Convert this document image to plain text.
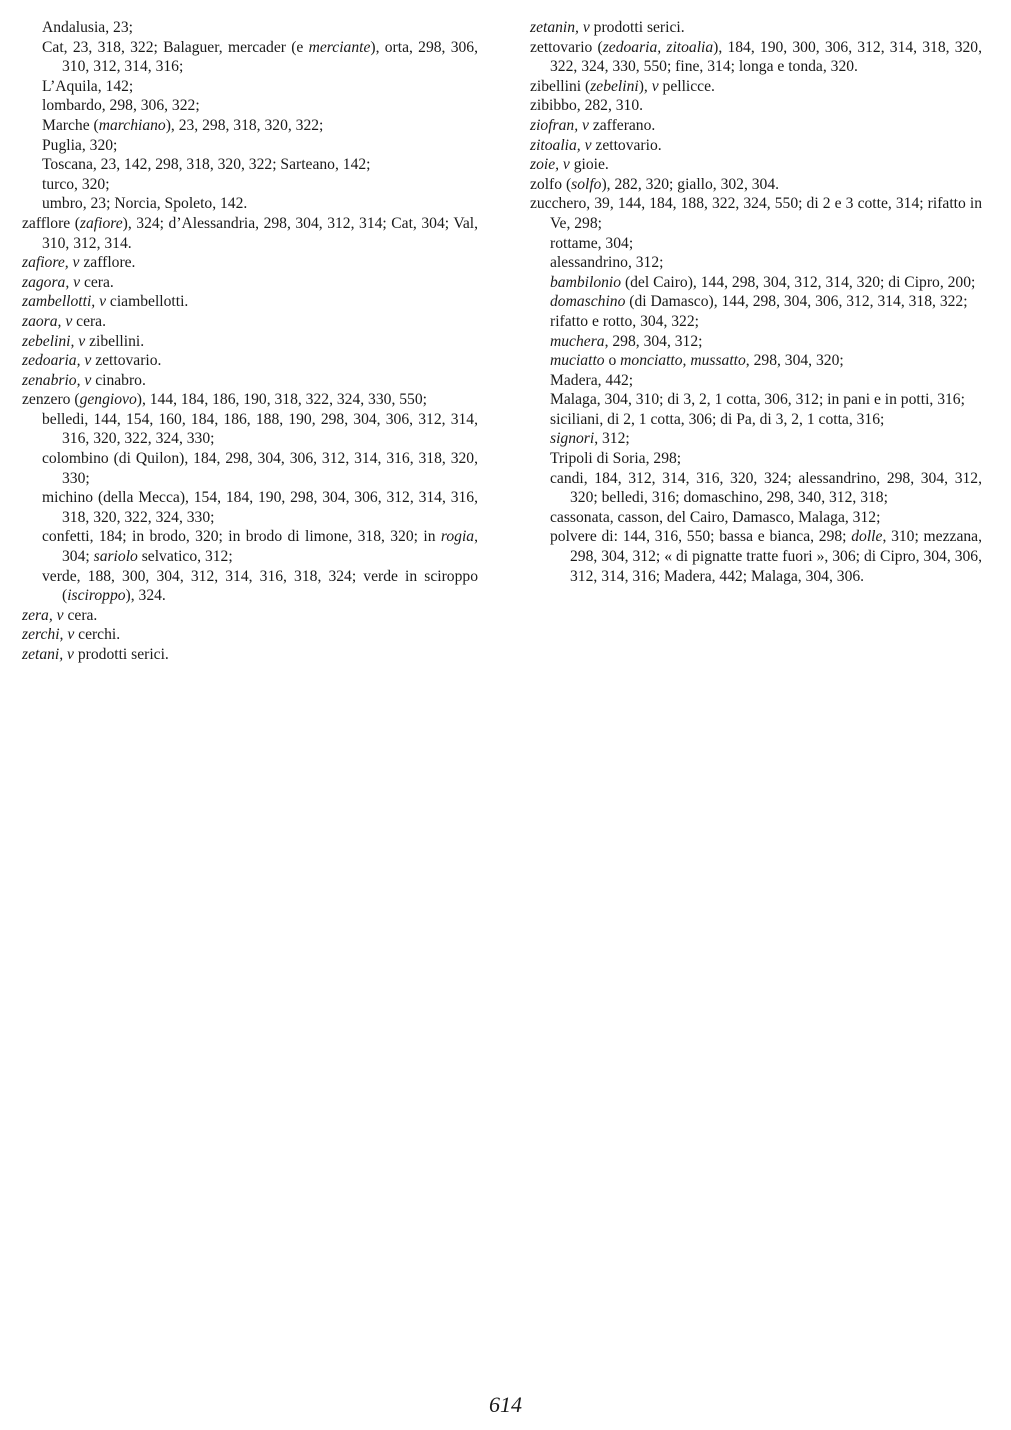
Andalusia, 23;

Cat, 23, 318, 322; Balaguer, mercader (e merciante), orta, 298, 306, 310, 312, 314, 316;

L’Aquila, 142;

lombardo, 298, 306, 322;

Marche (marchiano), 23, 298, 318, 320, 322;

Puglia, 320;

Toscana, 23, 142, 298, 318, 320, 322; Sarteano, 142;

turco, 320;

umbro, 23; Norcia, Spoleto, 142.

zafflore (zafiore), 324; d’Alessandria, 298, 304, 312, 314; Cat, 304; Val, 310, 312, 314.

zafiore, v zafflore.

zagora, v cera.

zambellotti, v ciambellotti.

zaora, v cera.

zebelini, v zibellini.

zedoaria, v zettovario.

zenabrio, v cinabro.

zenzero (gengiovo), 144, 184, 186, 190, 318, 322, 324, 330, 550;

belledi, 144, 154, 160, 184, 186, 188, 190, 298, 304, 306, 312, 314, 316, 320, 322, 324, 330;

colombino (di Quilon), 184, 298, 304, 306, 312, 314, 316, 318, 320, 330;

michino (della Mecca), 154, 184, 190, 298, 304, 306, 312, 314, 316, 318, 320, 322, 324, 330;

confetti, 184; in brodo, 320; in brodo di limone, 318, 320; in rogia, 304; sariolo selvatico, 312;

verde, 188, 300, 304, 312, 314, 316, 318, 324; verde in sciroppo (isciroppo), 324.

zera, v cera.

zerchi, v cerchi.

zetani, v prodotti serici.

zetanin, v prodotti serici.

zettovario (zedoaria, zitoalia), 184, 190, 300, 306, 312, 314, 318, 320, 322, 324, 330, 550; fine, 314; longa e tonda, 320.

zibellini (zebelini), v pellicce.

zibibbo, 282, 310.

ziofran, v zafferano.

zitoalia, v zettovario.

zoie, v gioie.

zolfo (solfo), 282, 320; giallo, 302, 304.

zucchero, 39, 144, 184, 188, 322, 324, 550; di 2 e 3 cotte, 314; rifatto in Ve, 298;

rottame, 304;

alessandrino, 312;

bambilonio (del Cairo), 144, 298, 304, 312, 314, 320; di Cipro, 200;

domaschino (di Damasco), 144, 298, 304, 306, 312, 314, 318, 322;

rifatto e rotto, 304, 322;

muchera, 298, 304, 312;

muciatto o monciatto, mussatto, 298, 304, 320;

Madera, 442;

Malaga, 304, 310; di 3, 2, 1 cotta, 306, 312; in pani e in potti, 316;

siciliani, di 2, 1 cotta, 306; di Pa, di 3, 2, 1 cotta, 316;

signori, 312;

Tripoli di Soria, 298;

candi, 184, 312, 314, 316, 320, 324; alessandrino, 298, 304, 312, 320; belledi, 316; domaschino, 298, 340, 312, 318;

cassonata, casson, del Cairo, Damasco, Malaga, 312;

polvere di: 144, 316, 550; bassa e bianca, 298; dolle, 310; mezzana, 298, 304, 312; « di pignatte tratte fuori », 306; di Cipro, 304, 306, 312, 314, 316; Madera, 442; Malaga, 304, 306.

614
